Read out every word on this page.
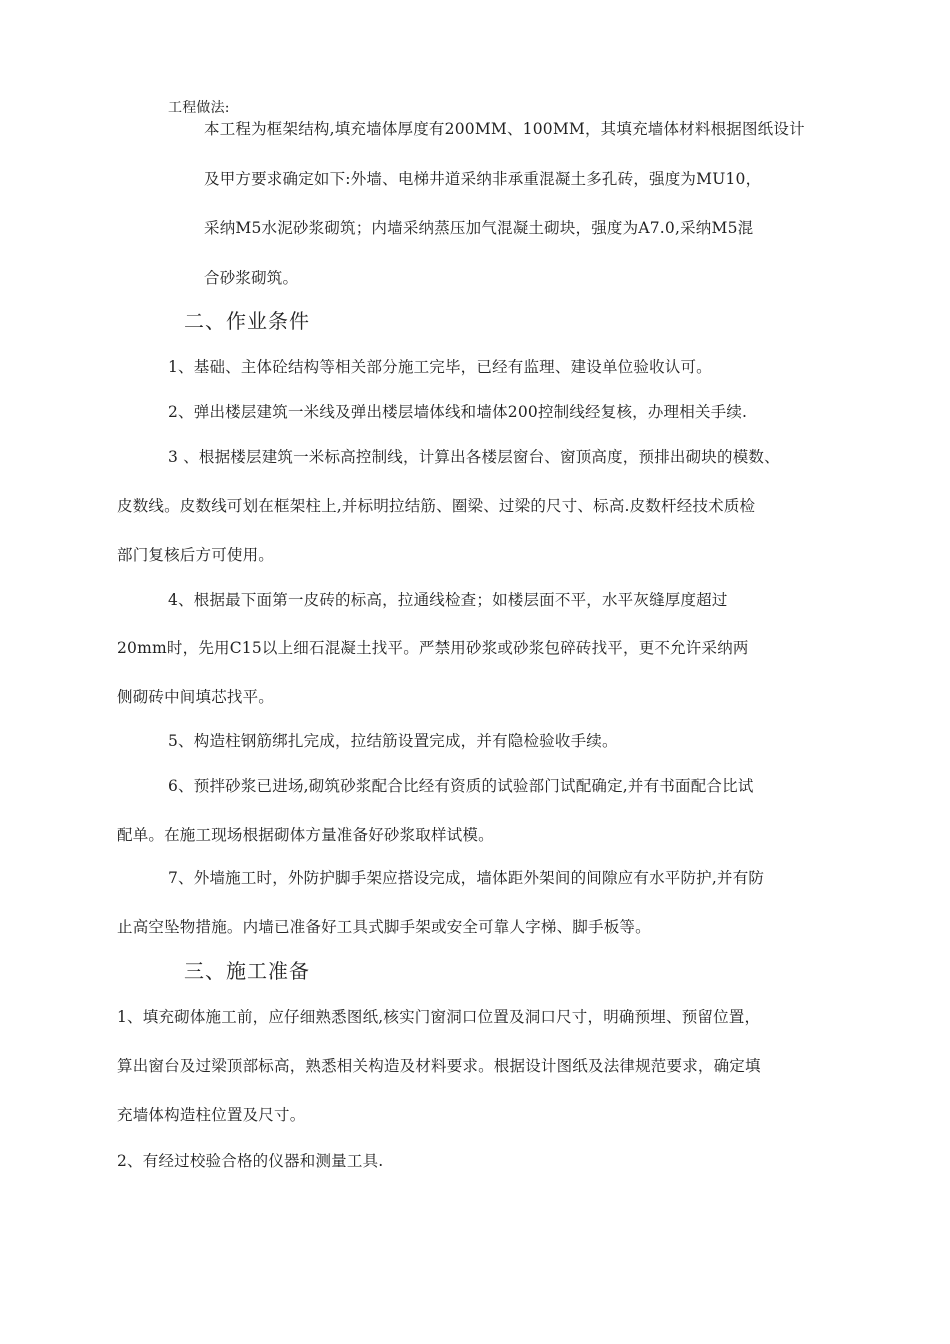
工程做法:
本工程为框架结构,填充墙体厚度有200MM、100MM，其填充墙体材料根据图纸设计
及甲方要求确定如下:外墙、电梯井道采纳非承重混凝土多孔砖，强度为MU10，
采纳M5水泥砂浆砌筑；内墙采纳蒸压加气混凝土砌块，强度为A7.0,采纳M5混
合砂浆砌筑。
二、作业条件
1、基础、主体砼结构等相关部分施工完毕，已经有监理、建设单位验收认可。
2、弹出楼层建筑一米线及弹出楼层墙体线和墙体200控制线经复核，办理相关手续.
3 、根据楼层建筑一米标高控制线，计算出各楼层窗台、窗顶高度，预排出砌块的模数、
皮数线。皮数线可划在框架柱上,并标明拉结筋、圈梁、过梁的尺寸、标高.皮数杆经技术质检
部门复核后方可使用。
4、根据最下面第一皮砖的标高，拉通线检查；如楼层面不平，水平灰缝厚度超过
20mm时，先用C15以上细石混凝土找平。严禁用砂浆或砂浆包碎砖找平，更不允许采纳两
侧砌砖中间填芯找平。
5、构造柱钢筋绑扎完成，拉结筋设置完成，并有隐检验收手续。
6、预拌砂浆已进场,砌筑砂浆配合比经有资质的试验部门试配确定,并有书面配合比试
配单。在施工现场根据砌体方量准备好砂浆取样试模。
7、外墙施工时，外防护脚手架应搭设完成，墙体距外架间的间隙应有水平防护,并有防
止高空坠物措施。内墙已准备好工具式脚手架或安全可靠人字梯、脚手板等。
三、施工准备
1、填充砌体施工前，应仔细熟悉图纸,核实门窗洞口位置及洞口尺寸，明确预埋、预留位置，
算出窗台及过梁顶部标高，熟悉相关构造及材料要求。根据设计图纸及法律规范要求，确定填
充墙体构造柱位置及尺寸。
2、有经过校验合格的仪器和测量工具.
